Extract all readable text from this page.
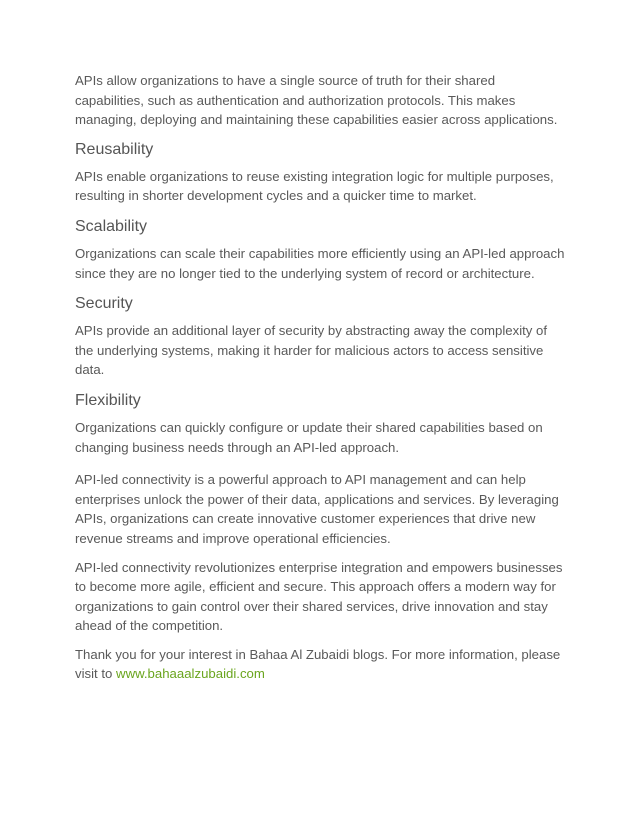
APIs allow organizations to have a single source of truth for their shared capabilities, such as authentication and authorization protocols. This makes managing, deploying and maintaining these capabilities easier across applications.

Reusability

APIs enable organizations to reuse existing integration logic for multiple purposes, resulting in shorter development cycles and a quicker time to market.

Scalability

Organizations can scale their capabilities more efficiently using an API-led approach since they are no longer tied to the underlying system of record or architecture.

Security

APIs provide an additional layer of security by abstracting away the complexity of the underlying systems, making it harder for malicious actors to access sensitive data.

Flexibility

Organizations can quickly configure or update their shared capabilities based on changing business needs through an API-led approach.

API-led connectivity is a powerful approach to API management and can help enterprises unlock the power of their data, applications and services. By leveraging APIs, organizations can create innovative customer experiences that drive new revenue streams and improve operational efficiencies.

API-led connectivity revolutionizes enterprise integration and empowers businesses to become more agile, efficient and secure. This approach offers a modern way for organizations to gain control over their shared services, drive innovation and stay ahead of the competition.

Thank you for your interest in Bahaa Al Zubaidi blogs. For more information, please visit to www.bahaaalzubaidi.com
